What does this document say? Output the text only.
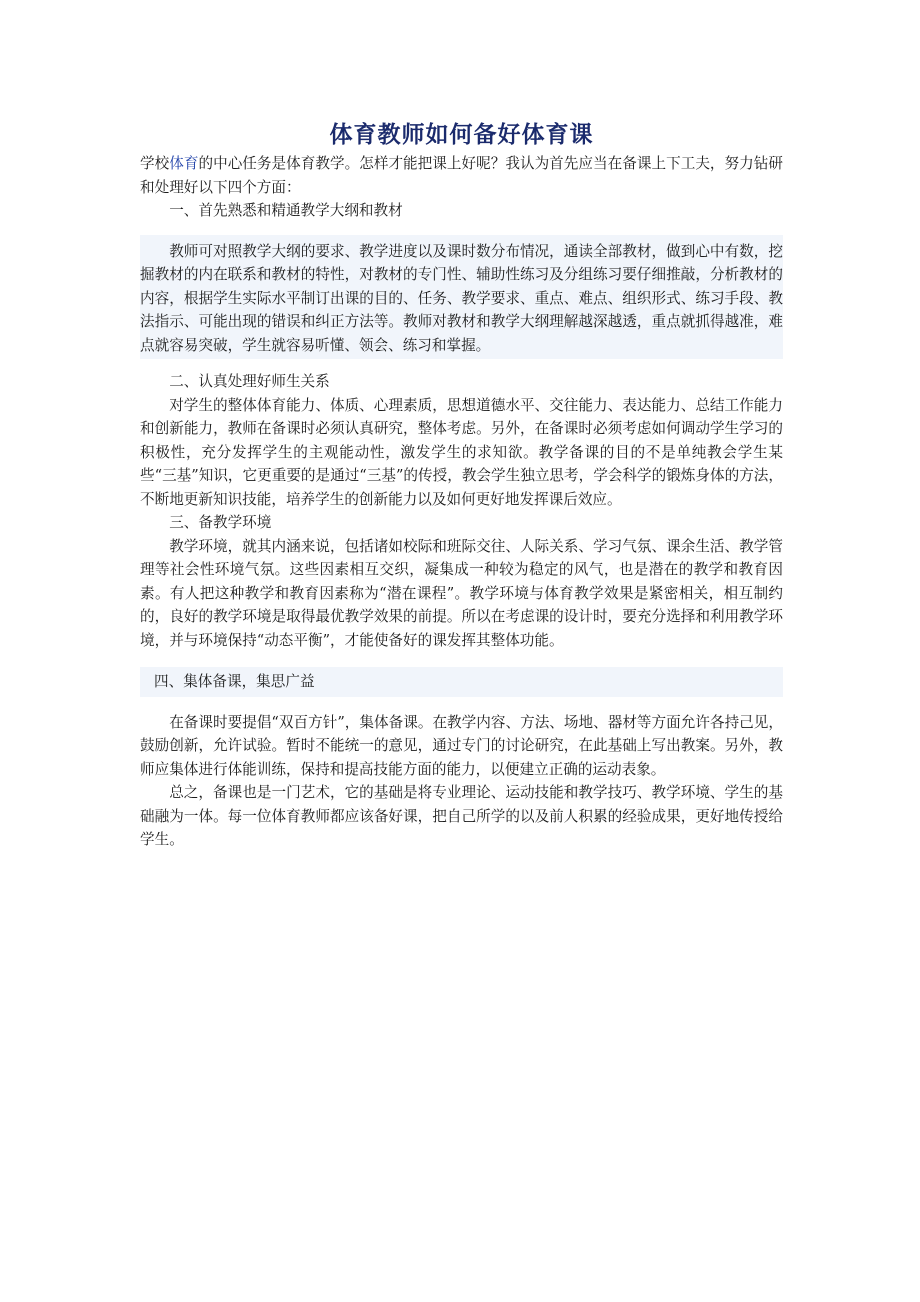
体育教师如何备好体育课

学校体育的中心任务是体育教学。怎样才能把课上好呢？我认为首先应当在备课上下工夫，努力钻研和处理好以下四个方面：

一、首先熟悉和精通教学大纲和教材

教师可对照教学大纲的要求、教学进度以及课时数分布情况，通读全部教材，做到心中有数，挖掘教材的内在联系和教材的特性，对教材的专门性、辅助性练习及分组练习要仔细推敲，分析教材的内容，根据学生实际水平制订出课的目的、任务、教学要求、重点、难点、组织形式、练习手段、教法指示、可能出现的错误和纠正方法等。教师对教材和教学大纲理解越深越透，重点就抓得越准，难点就容易突破，学生就容易听懂、领会、练习和掌握。

二、认真处理好师生关系

对学生的整体体育能力、体质、心理素质，思想道德水平、交往能力、表达能力、总结工作能力和创新能力，教师在备课时必须认真研究，整体考虑。另外，在备课时必须考虑如何调动学生学习的积极性，充分发挥学生的主观能动性，激发学生的求知欲。教学备课的目的不是单纯教会学生某些“三基”知识，它更重要的是通过“三基”的传授，教会学生独立思考，学会科学的锻炼身体的方法，不断地更新知识技能，培养学生的创新能力以及如何更好地发挥课后效应。

三、备教学环境

教学环境，就其内涵来说，包括诸如校际和班际交往、人际关系、学习气氛、课余生活、教学管理等社会性环境气氛。这些因素相互交织，凝集成一种较为稳定的风气，也是潜在的教学和教育因素。有人把这种教学和教育因素称为“潜在课程”。教学环境与体育教学效果是紧密相关，相互制约的，良好的教学环境是取得最优教学效果的前提。所以在考虑课的设计时，要充分选择和利用教学环境，并与环境保持“动态平衡”，才能使备好的课发挥其整体功能。

四、集体备课，集思广益

在备课时要提倡“双百方针”，集体备课。在教学内容、方法、场地、器材等方面允许各持己见，鼓励创新，允许试验。暂时不能统一的意见，通过专门的讨论研究，在此基础上写出教案。另外，教师应集体进行体能训练，保持和提高技能方面的能力，以便建立正确的运动表象。

总之，备课也是一门艺术，它的基础是将专业理论、运动技能和教学技巧、教学环境、学生的基础融为一体。每一位体育教师都应该备好课，把自己所学的以及前人积累的经验成果，更好地传授给学生。
